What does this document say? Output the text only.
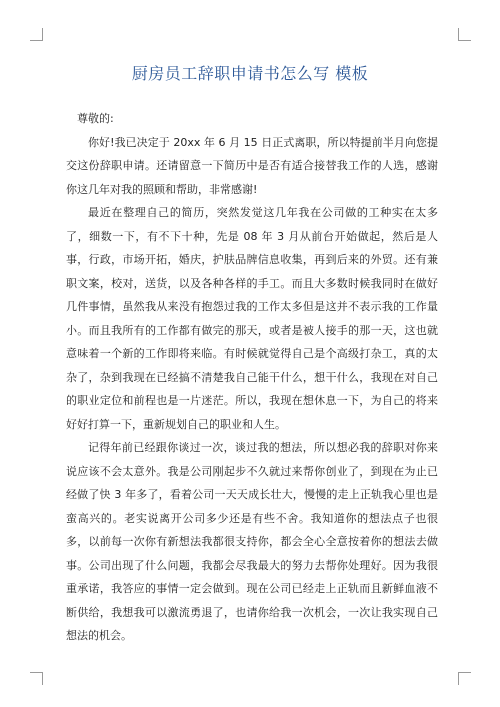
厨房员工辞职申请书怎么写 模板

尊敬的:

你好!我已决定于 20xx 年 6 月 15 日正式离职，所以特提前半月向您提交这份辞职申请。还请留意一下简历中是否有适合接替我工作的人选，感谢你这几年对我的照顾和帮助，非常感谢!

最近在整理自己的简历，突然发觉这几年我在公司做的工种实在太多了，细数一下，有不下十种，先是 08 年 3 月从前台开始做起，然后是人事，行政，市场开拓，婚庆，护肤品牌信息收集，再到后来的外贸。还有兼职文案，校对，送货，以及各种各样的手工。而且大多数时候我同时在做好几件事情，虽然我从来没有抱怨过我的工作太多但是这并不表示我的工作量小。而且我所有的工作都有做完的那天，或者是被人接手的那一天，这也就意味着一个新的工作即将来临。有时候就觉得自己是个高级打杂工，真的太杂了，杂到我现在已经搞不清楚我自己能干什么，想干什么，我现在对自己的职业定位和前程也是一片迷茫。所以，我现在想休息一下，为自己的将来好好打算一下，重新规划自己的职业和人生。

记得年前已经跟你谈过一次，谈过我的想法，所以想必我的辞职对你来说应该不会太意外。我是公司刚起步不久就过来帮你创业了，到现在为止已经做了快 3 年多了，看着公司一天天成长壮大，慢慢的走上正轨我心里也是蛮高兴的。老实说离开公司多少还是有些不舍。我知道你的想法点子也很多，以前每一次你有新想法我都很支持你，都会全心全意按着你的想法去做事。公司出现了什么问题，我都会尽我最大的努力去帮你处理好。因为我很重承诺，我答应的事情一定会做到。现在公司已经走上正轨而且新鲜血液不断供给，我想我可以激流勇退了，也请你给我一次机会，一次让我实现自己想法的机会。
